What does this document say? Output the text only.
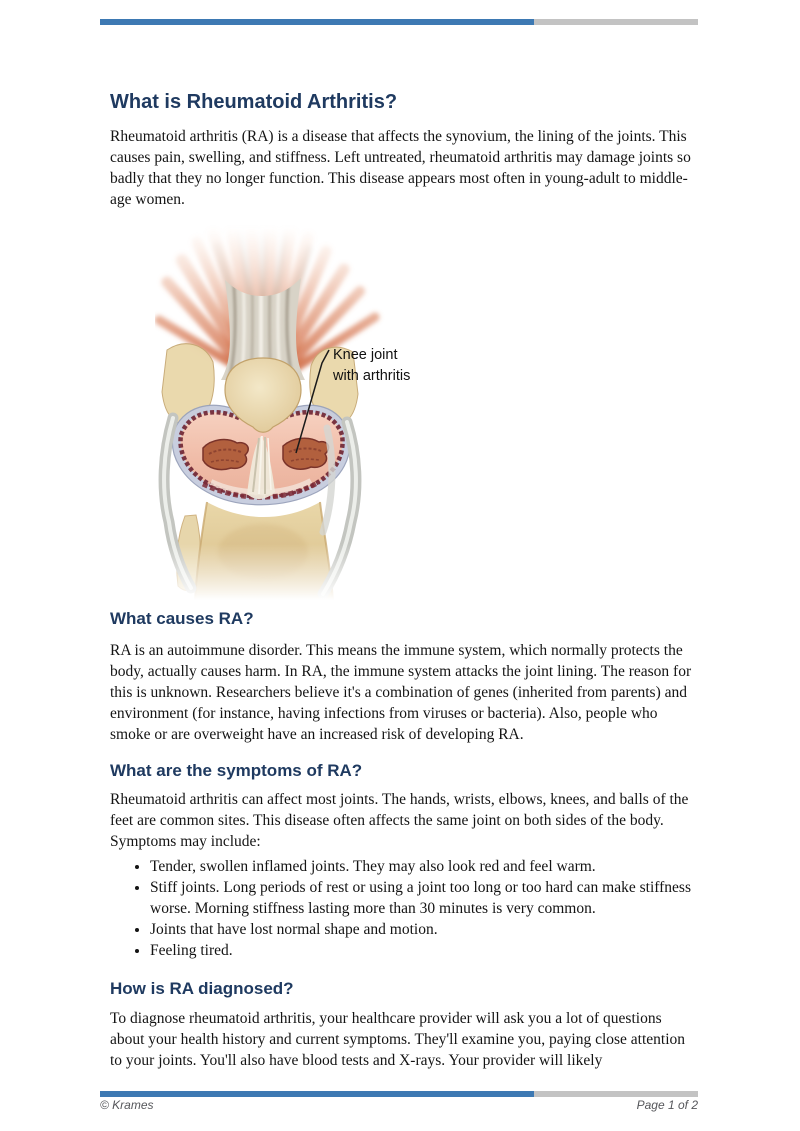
What is Rheumatoid Arthritis?
Rheumatoid arthritis (RA) is a disease that affects the synovium, the lining of the joints. This causes pain, swelling, and stiffness. Left untreated, rheumatoid arthritis may damage joints so badly that they no longer function. This disease appears most often in young-adult to middle-age women.
Knee joint
with arthritis
What causes RA?
RA is an autoimmune disorder. This means the immune system, which normally protects the body, actually causes harm. In RA, the immune system attacks the joint lining. The reason for this is unknown. Researchers believe it's a combination of genes (inherited from parents) and environment (for instance, having infections from viruses or bacteria). Also, people who smoke or are overweight have an increased risk of developing RA.
What are the symptoms of RA?
Rheumatoid arthritis can affect most joints. The hands, wrists, elbows, knees, and balls of the feet are common sites. This disease often affects the same joint on both sides of the body. Symptoms may include:
• Tender, swollen inflamed joints. They may also look red and feel warm.
• Stiff joints. Long periods of rest or using a joint too long or too hard can make stiffness worse. Morning stiffness lasting more than 30 minutes is very common.
• Joints that have lost normal shape and motion.
• Feeling tired.
How is RA diagnosed?
To diagnose rheumatoid arthritis, your healthcare provider will ask you a lot of questions about your health history and current symptoms. They'll examine you, paying close attention to your joints. You'll also have blood tests and X-rays. Your provider will likely
© Krames	Page 1 of 2
